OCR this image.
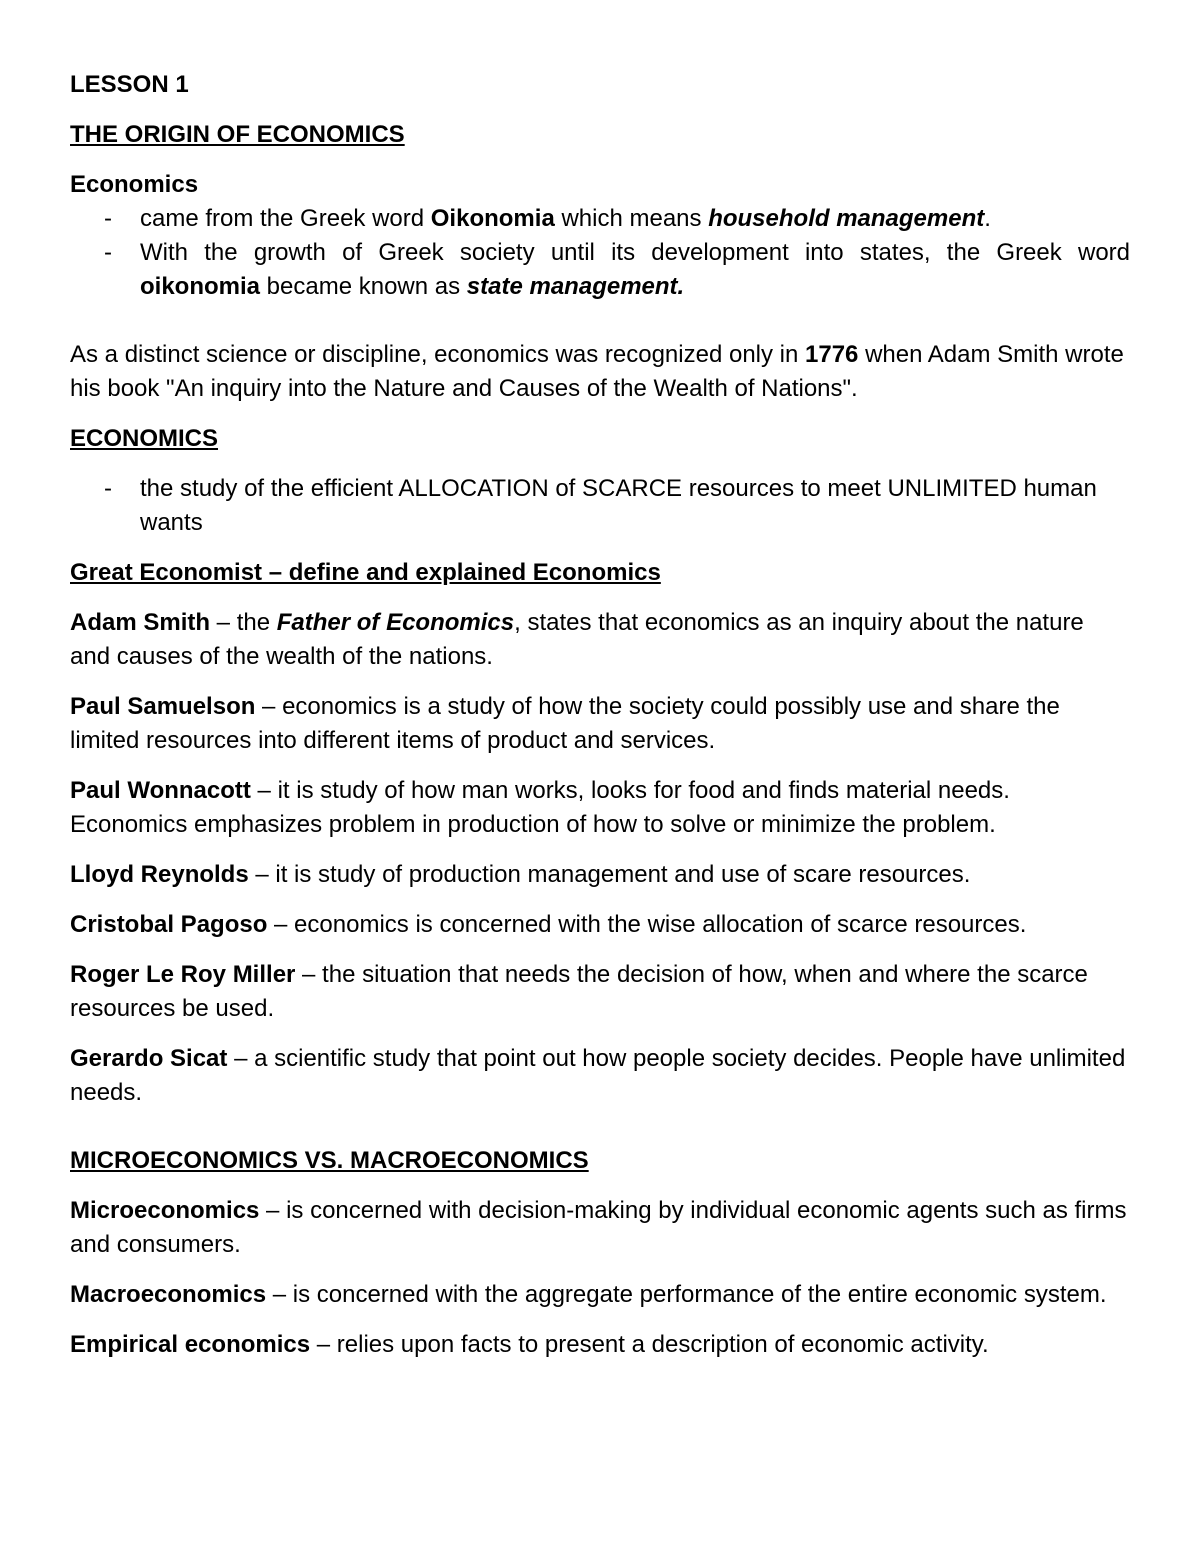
LESSON 1

THE ORIGIN OF ECONOMICS

Economics

- came from the Greek word Oikonomia which means household management.
- With the growth of Greek society until its development into states, the Greek word oikonomia became known as state management.

As a distinct science or discipline, economics was recognized only in 1776 when Adam Smith wrote his book "An inquiry into the Nature and Causes of the Wealth of Nations".

ECONOMICS

- the study of the efficient ALLOCATION of SCARCE resources to meet UNLIMITED human wants

Great Economist – define and explained Economics

Adam Smith – the Father of Economics, states that economics as an inquiry about the nature and causes of the wealth of the nations.

Paul Samuelson – economics is a study of how the society could possibly use and share the limited resources into different items of product and services.

Paul Wonnacott – it is study of how man works, looks for food and finds material needs. Economics emphasizes problem in production of how to solve or minimize the problem.

Lloyd Reynolds – it is study of production management and use of scare resources.

Cristobal Pagoso – economics is concerned with the wise allocation of scarce resources.

Roger Le Roy Miller – the situation that needs the decision of how, when and where the scarce resources be used.

Gerardo Sicat – a scientific study that point out how people society decides. People have unlimited needs.

MICROECONOMICS VS. MACROECONOMICS

Microeconomics – is concerned with decision-making by individual economic agents such as firms and consumers.

Macroeconomics – is concerned with the aggregate performance of the entire economic system.

Empirical economics – relies upon facts to present a description of economic activity.
